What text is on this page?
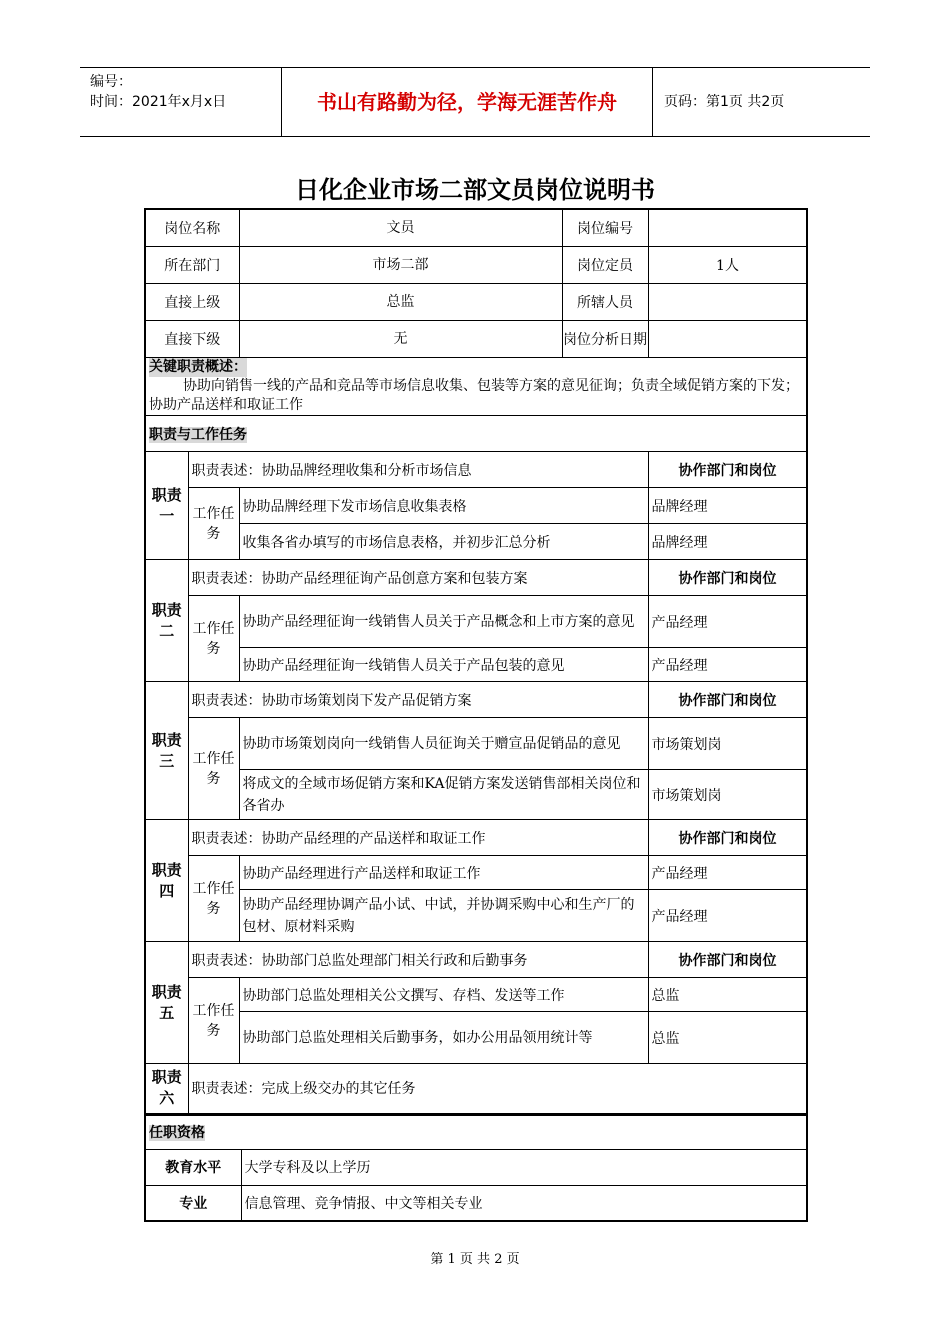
编号：
时间：2021年x月x日	书山有路勤为径，学海无涯苦作舟	页码：第1页 共2页
日化企业市场二部文员岗位说明书
岗位名称		文员 岗位编号	

所在部门		市场二部 岗位定员	1人
直接上级		总监 所辖人员	

直接下级		无 岗位分析日期	

关键职责概述：
协助向销售一线的产品和竞品等市场信息收集、包装等方案的意见征询；负责全域促销方案的下发；协助产品送样和取证工作			

职责与工作任务			
职责一	职责表述：协助品牌经理收集和分析市场信息		协作部门和岗位
	工作任务	协助品牌经理下发市场信息收集表格	品牌经理
		收集各省办填写的市场信息表格，并初步汇总分析	品牌经理
职责二	职责表述：协助产品经理征询产品创意方案和包装方案		协作部门和岗位
	工作任务	协助产品经理征询一线销售人员关于产品概念和上市方案的意见	产品经理
		协助产品经理征询一线销售人员关于产品包装的意见	产品经理
职责三	职责表述：协助市场策划岗下发产品促销方案		协作部门和岗位
	工作任务	协助市场策划岗向一线销售人员征询关于赠宣品促销品的意见	市场策划岗
		将成文的全域市场促销方案和KA促销方案发送销售部相关岗位和各省办	市场策划岗
职责四	职责表述：协助产品经理的产品送样和取证工作		协作部门和岗位
	工作任务	协助产品经理进行产品送样和取证工作	产品经理
		协助产品经理协调产品小试、中试，并协调采购中心和生产厂的包材、原材料采购	产品经理
职责五	职责表述：协助部门总监处理部门相关行政和后勤事务		协作部门和岗位
	工作任务	协助部门总监处理相关公文撰写、存档、发送等工作	总监
		协助部门总监处理相关后勤事务，如办公用品领用统计等	总监
职责六	职责表述：完成上级交办的其它任务		
任职资格	
教育水平	大学专科及以上学历
专业	信息管理、竞争情报、中文等相关专业
第 1 页 共 2 页
